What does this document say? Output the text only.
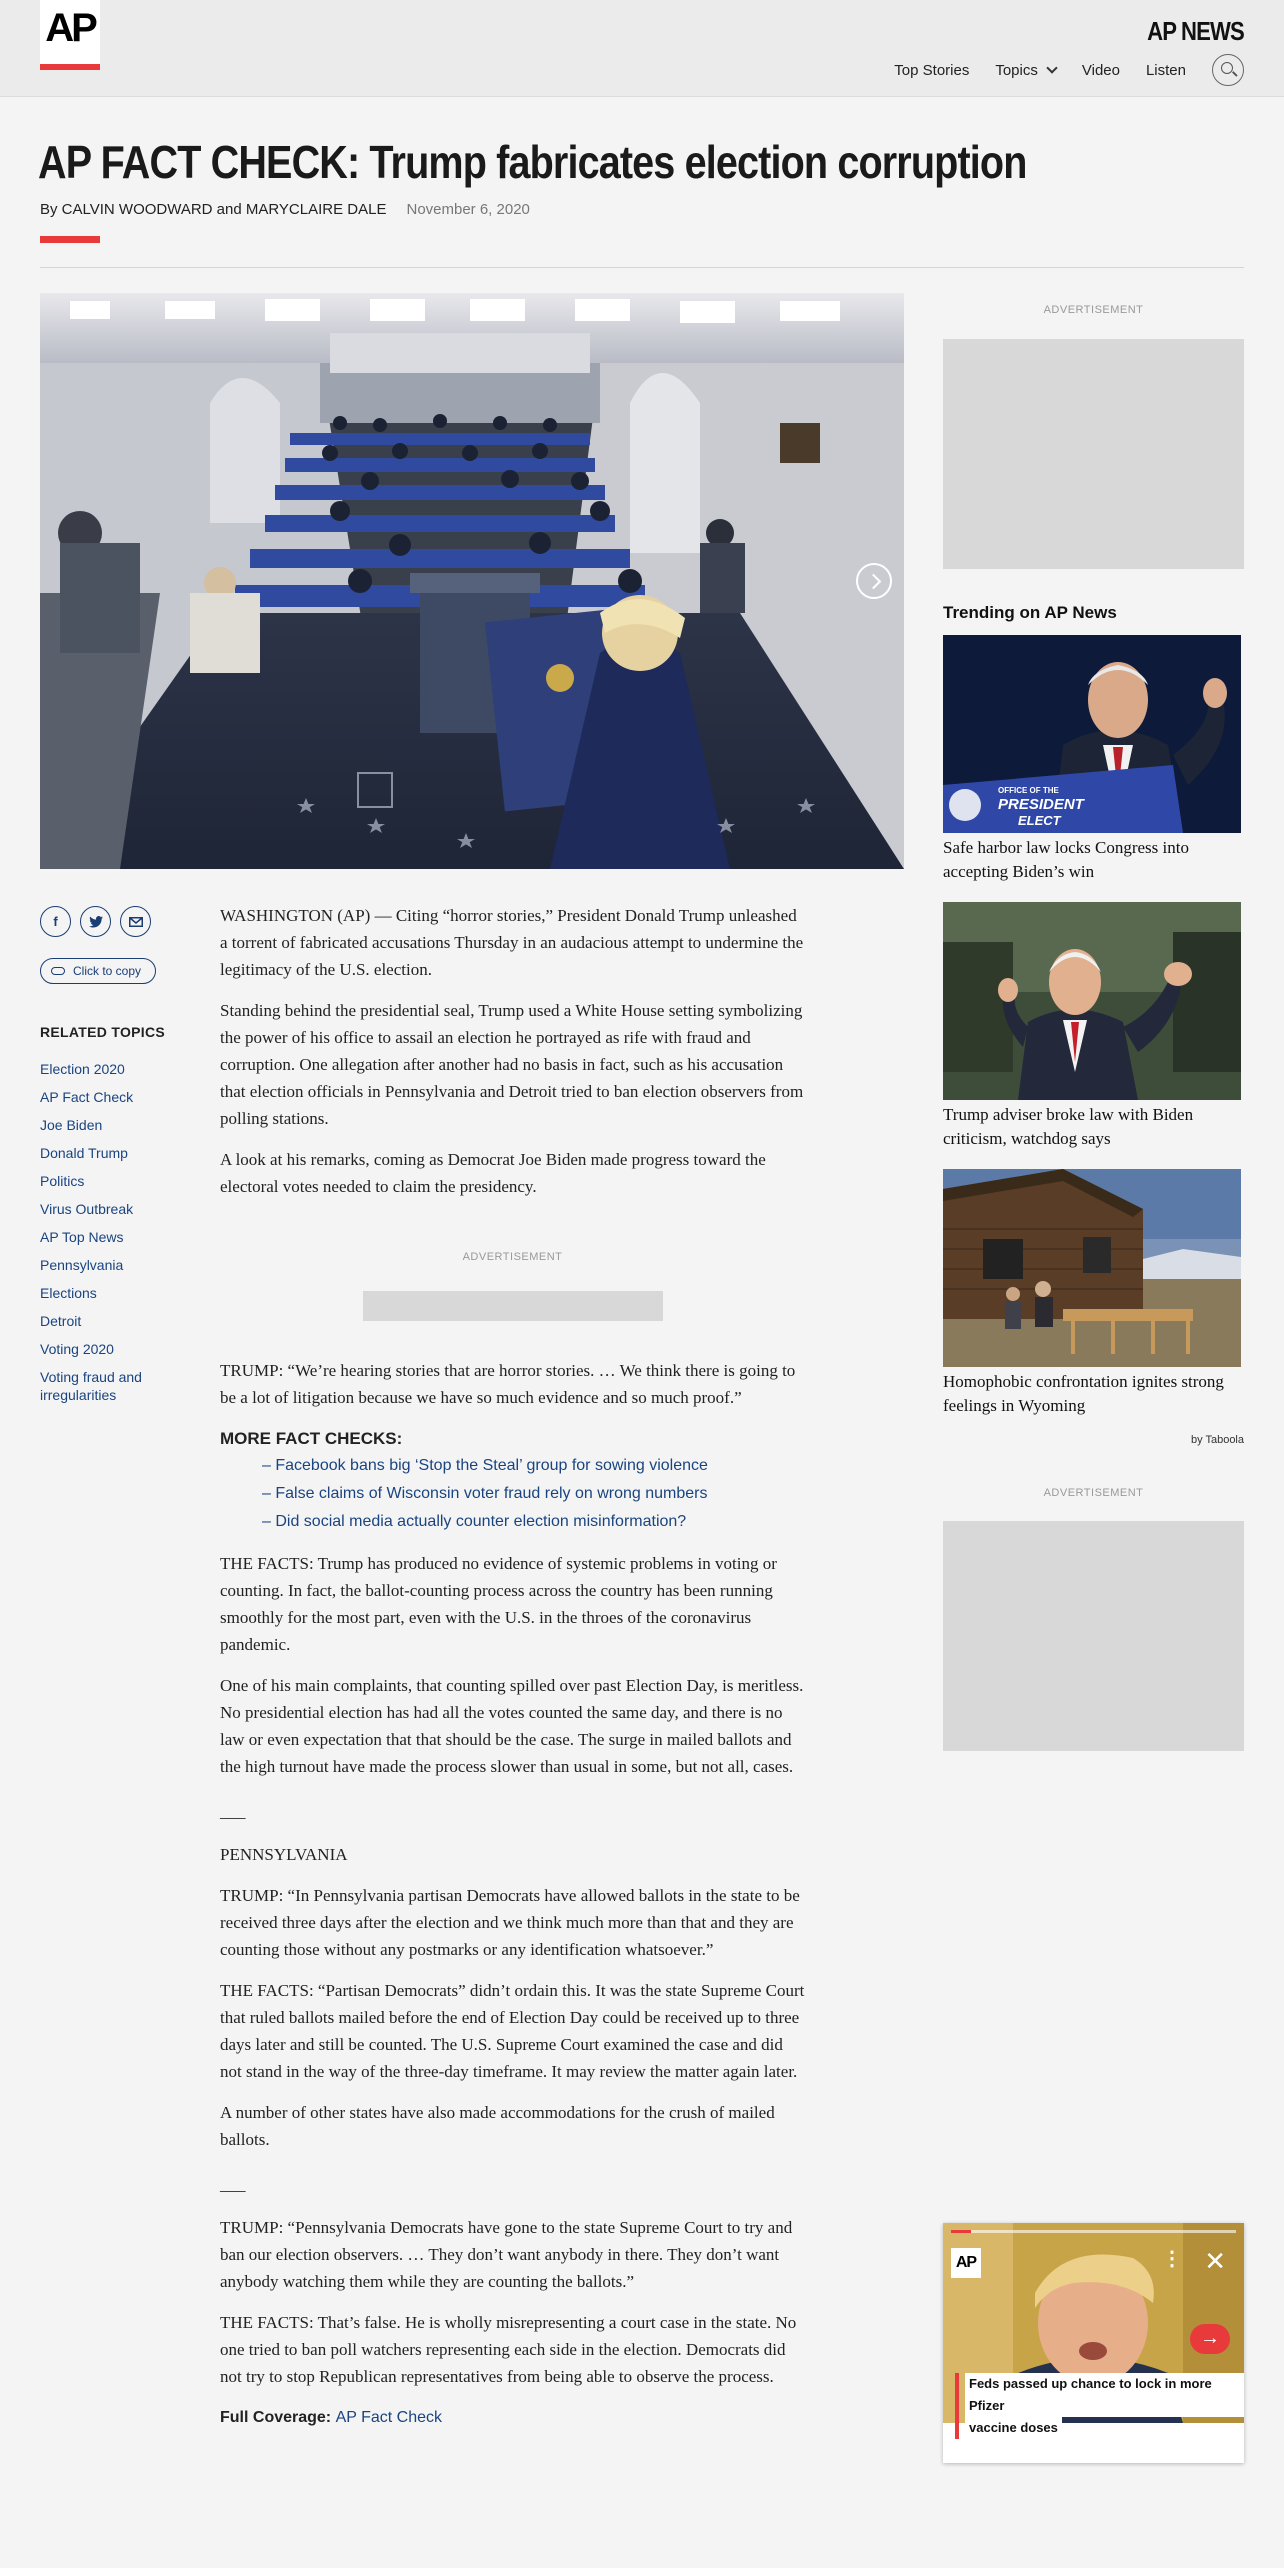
AP	AP NEWS
Top Stories Topics	Video Listen
AP FACT CHECK: Trump fabricates election corruption
By CALVIN WOODWARD and MARYCLAIRE DALE November 6, 2020
f
Click to copy
RELATED TOPICS
Election 2020
AP Fact Check
Joe Biden
Donald Trump
Politics
Virus Outbreak
AP Top News
Pennsylvania
Elections
Detroit
Voting 2020
Voting fraud and irregularities

WASHINGTON (AP) — Citing “horror stories,” President Donald Trump unleashed a torrent of fabricated accusations Thursday in an audacious attempt to undermine the legitimacy of the U.S. election.

Standing behind the presidential seal, Trump used a White House setting symbolizing the power of his office to assail an election he portrayed as rife with fraud and corruption. One allegation after another had no basis in fact, such as his accusation that election officials in Pennsylvania and Detroit tried to ban election observers from polling stations.

A look at his remarks, coming as Democrat Joe Biden made progress toward the electoral votes needed to claim the presidency.

ADVERTISEMENT

TRUMP: “We’re hearing stories that are horror stories. … We think there is going to be a lot of litigation because we have so much evidence and so much proof.”

MORE FACT CHECKS:
– Facebook bans big ‘Stop the Steal’ group for sowing violence
– False claims of Wisconsin voter fraud rely on wrong numbers
– Did social media actually counter election misinformation?

THE FACTS: Trump has produced no evidence of systemic problems in voting or counting. In fact, the ballot-counting process across the country has been running smoothly for the most part, even with the U.S. in the throes of the coronavirus pandemic.

One of his main complaints, that counting spilled over past Election Day, is meritless. No presidential election has had all the votes counted the same day, and there is no law or even expectation that that should be the case. The surge in mailed ballots and the high turnout have made the process slower than usual in some, but not all, cases.

___

PENNSYLVANIA

TRUMP: “In Pennsylvania partisan Democrats have allowed ballots in the state to be received three days after the election and we think much more than that and they are counting those without any postmarks or any identification whatsoever.”

THE FACTS: “Partisan Democrats” didn’t ordain this. It was the state Supreme Court that ruled ballots mailed before the end of Election Day could be received up to three days later and still be counted. The U.S. Supreme Court examined the case and did not stand in the way of the three-day timeframe. It may review the matter again later.

A number of other states have also made accommodations for the crush of mailed ballots.

___

TRUMP: “Pennsylvania Democrats have gone to the state Supreme Court to try and ban our election observers. … They don’t want anybody in there. They don’t want anybody watching them while they are counting the ballots.”

THE FACTS: That’s false. He is wholly misrepresenting a court case in the state. No one tried to ban poll watchers representing each side in the election. Democrats did not try to stop Republican representatives from being able to observe the process.

Full Coverage: AP Fact Check
ADVERTISEMENT
Trending on AP News
OFFICE OF THE
PRESIDENT
ELECT
Safe harbor law locks Congress into accepting Biden’s win
Trump adviser broke law with Biden criticism, watchdog says
Homophobic confrontation ignites strong feelings in Wyoming
by Taboola
ADVERTISEMENT
AP	⋮ ✕
→
Feds passed up chance to lock in more Pfizer
vaccine doses
